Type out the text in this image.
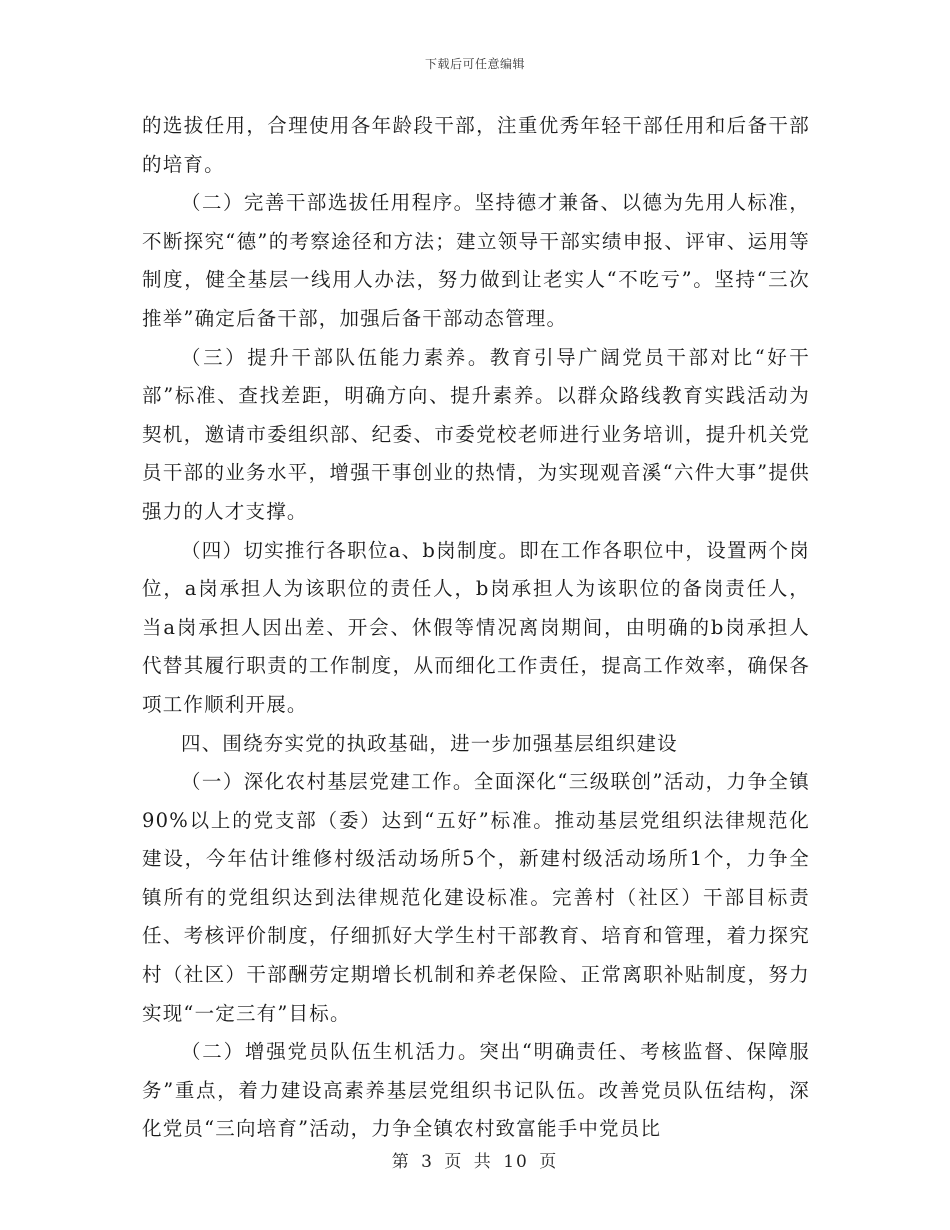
下载后可任意编辑

的选拔任用，合理使用各年龄段干部，注重优秀年轻干部任用和后备干部的培育。

（二）完善干部选拔任用程序。坚持德才兼备、以德为先用人标准，不断探究“德”的考察途径和方法；建立领导干部实绩申报、评审、运用等制度，健全基层一线用人办法，努力做到让老实人“不吃亏”。坚持“三次推举”确定后备干部，加强后备干部动态管理。

（三）提升干部队伍能力素养。教育引导广阔党员干部对比“好干部”标准、查找差距，明确方向、提升素养。以群众路线教育实践活动为契机，邀请市委组织部、纪委、市委党校老师进行业务培训，提升机关党员干部的业务水平，增强干事创业的热情，为实现观音溪“六件大事”提供强力的人才支撑。

（四）切实推行各职位a、b岗制度。即在工作各职位中，设置两个岗位，a岗承担人为该职位的责任人，b岗承担人为该职位的备岗责任人，当a岗承担人因出差、开会、休假等情况离岗期间，由明确的b岗承担人代替其履行职责的工作制度，从而细化工作责任，提高工作效率，确保各项工作顺利开展。

四、围绕夯实党的执政基础，进一步加强基层组织建设

（一）深化农村基层党建工作。全面深化“三级联创”活动，力争全镇90%以上的党支部（委）达到“五好”标准。推动基层党组织法律规范化建设，今年估计维修村级活动场所5个，新建村级活动场所1个，力争全镇所有的党组织达到法律规范化建设标准。完善村（社区）干部目标责任、考核评价制度，仔细抓好大学生村干部教育、培育和管理，着力探究村（社区）干部酬劳定期增长机制和养老保险、正常离职补贴制度，努力实现“一定三有”目标。

（二）增强党员队伍生机活力。突出“明确责任、考核监督、保障服务”重点，着力建设高素养基层党组织书记队伍。改善党员队伍结构，深化党员“三向培育”活动，力争全镇农村致富能手中党员比

第 3 页 共 10 页
